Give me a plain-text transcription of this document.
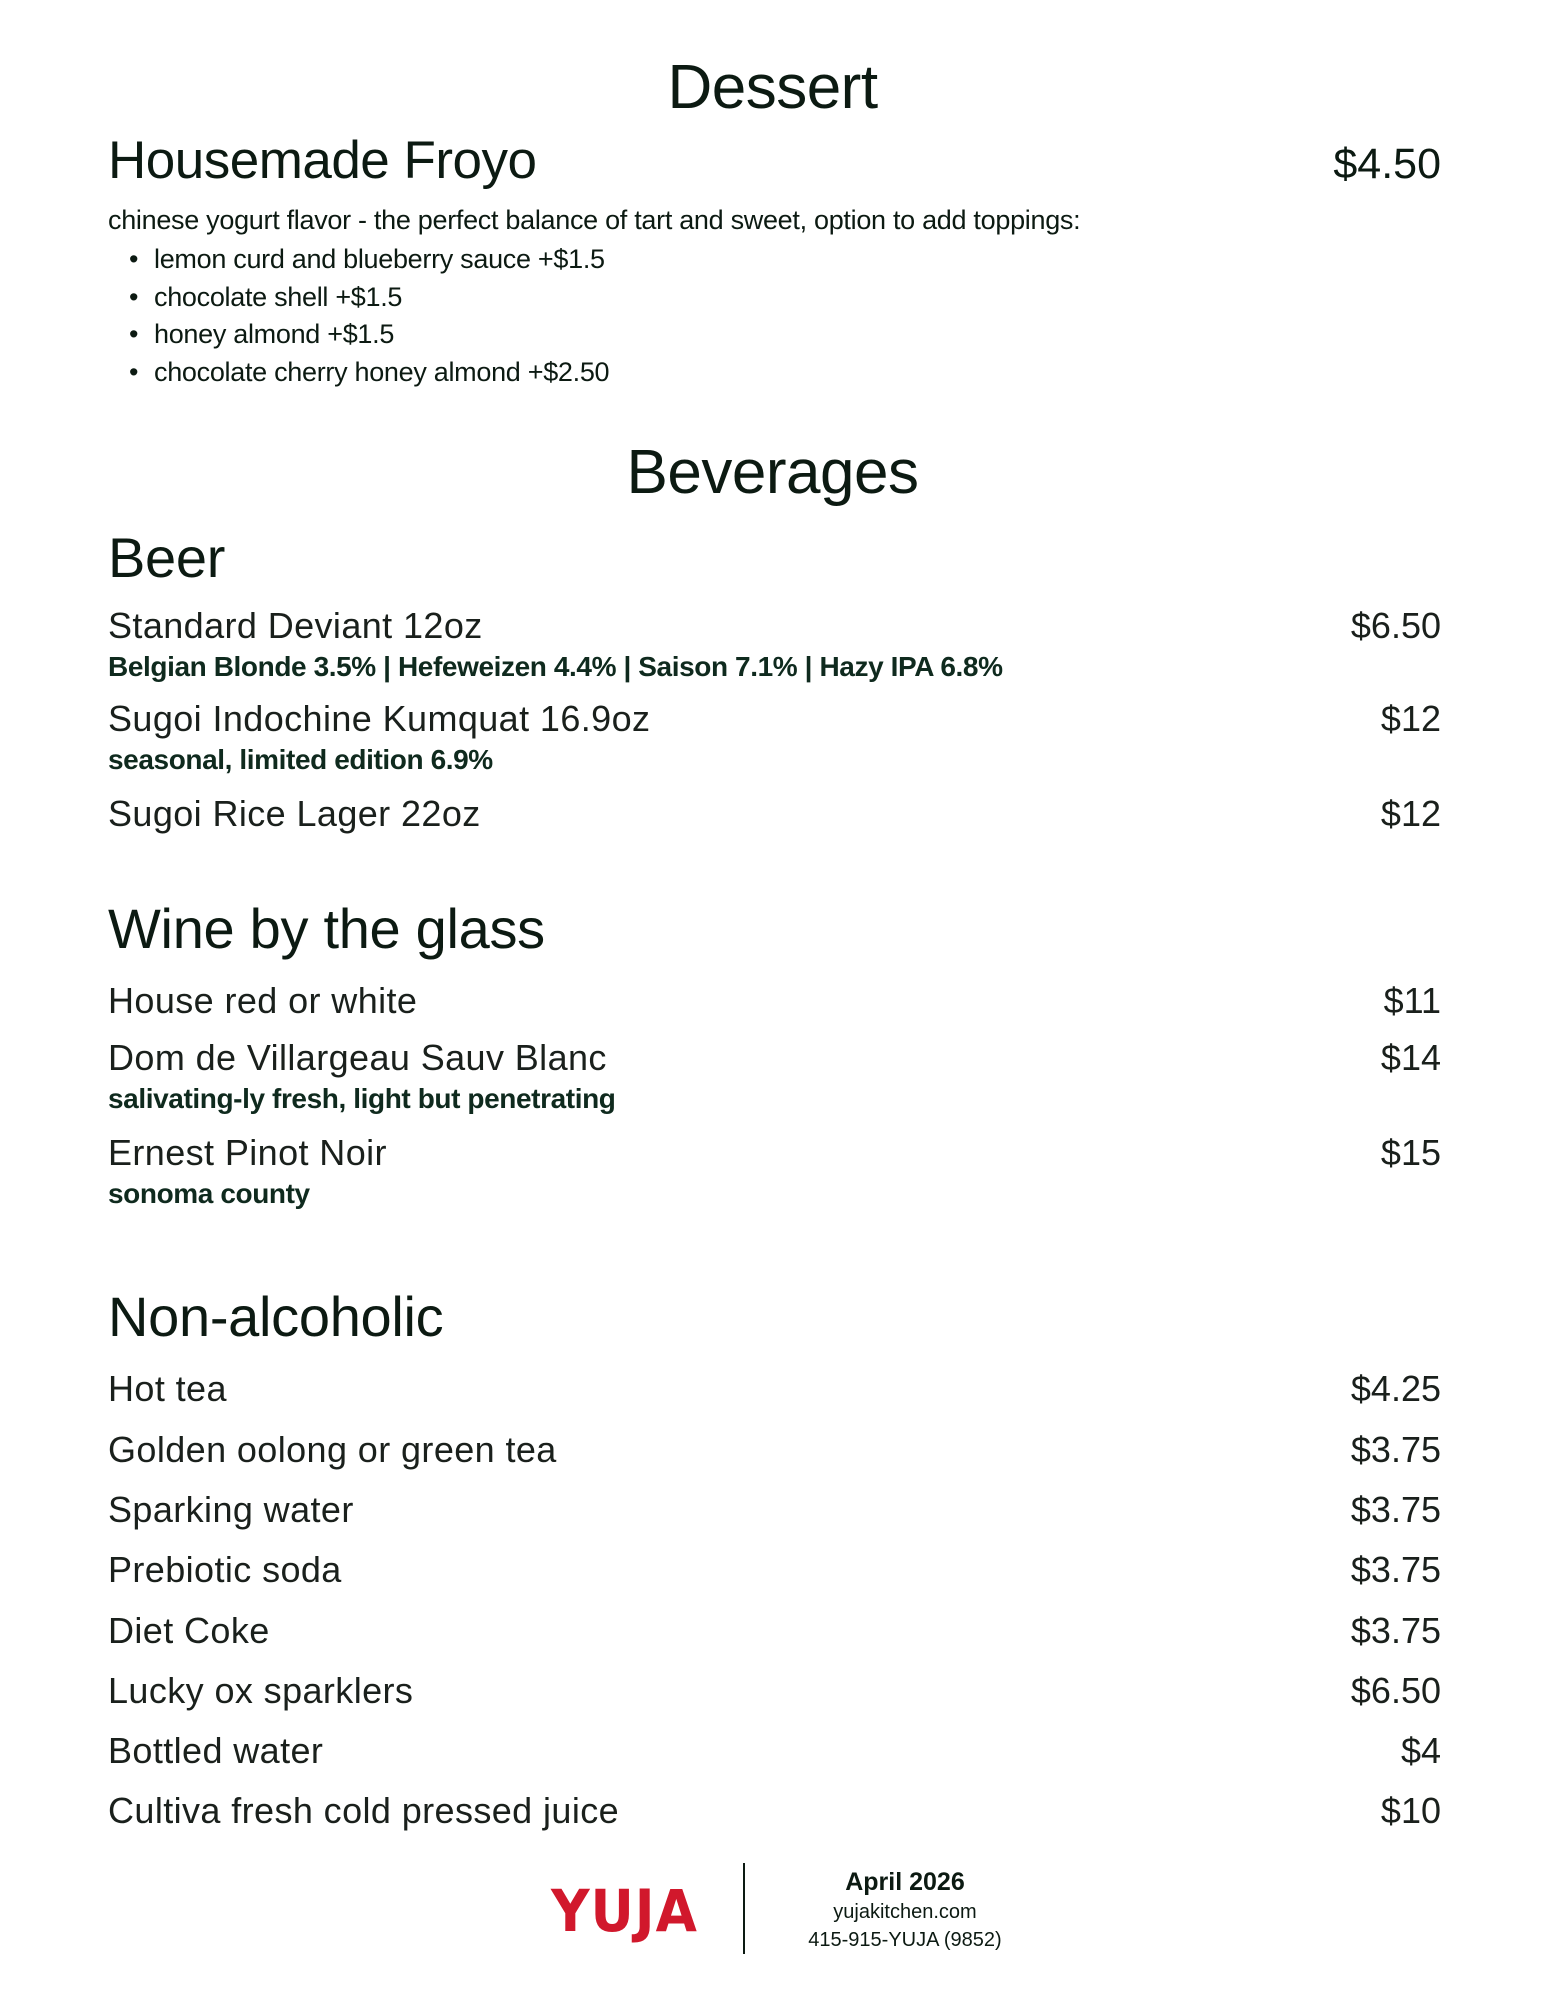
Dessert
Housemade Froyo	$4.50
chinese yogurt flavor - the perfect balance of tart and sweet, option to add toppings:
• lemon curd and blueberry sauce +$1.5
• chocolate shell +$1.5
• honey almond +$1.5
• chocolate cherry honey almond +$2.50
Beverages
Beer
Standard Deviant 12oz	$6.50
Belgian Blonde 3.5% | Hefeweizen 4.4% | Saison 7.1% | Hazy IPA 6.8%
Sugoi Indochine Kumquat 16.9oz	$12
seasonal, limited edition 6.9%
Sugoi Rice Lager 22oz	$12
Wine by the glass
House red or white	$11
Dom de Villargeau Sauv Blanc	$14
salivating-ly fresh, light but penetrating
Ernest Pinot Noir	$15
sonoma county
Non-alcoholic
Hot tea	$4.25
Golden oolong or green tea	$3.75
Sparking water	$3.75
Prebiotic soda	$3.75
Diet Coke	$3.75
Lucky ox sparklers	$6.50
Bottled water	$4
Cultiva fresh cold pressed juice	$10
YUJA	April 2026
yujakitchen.com
415-915-YUJA (9852)
